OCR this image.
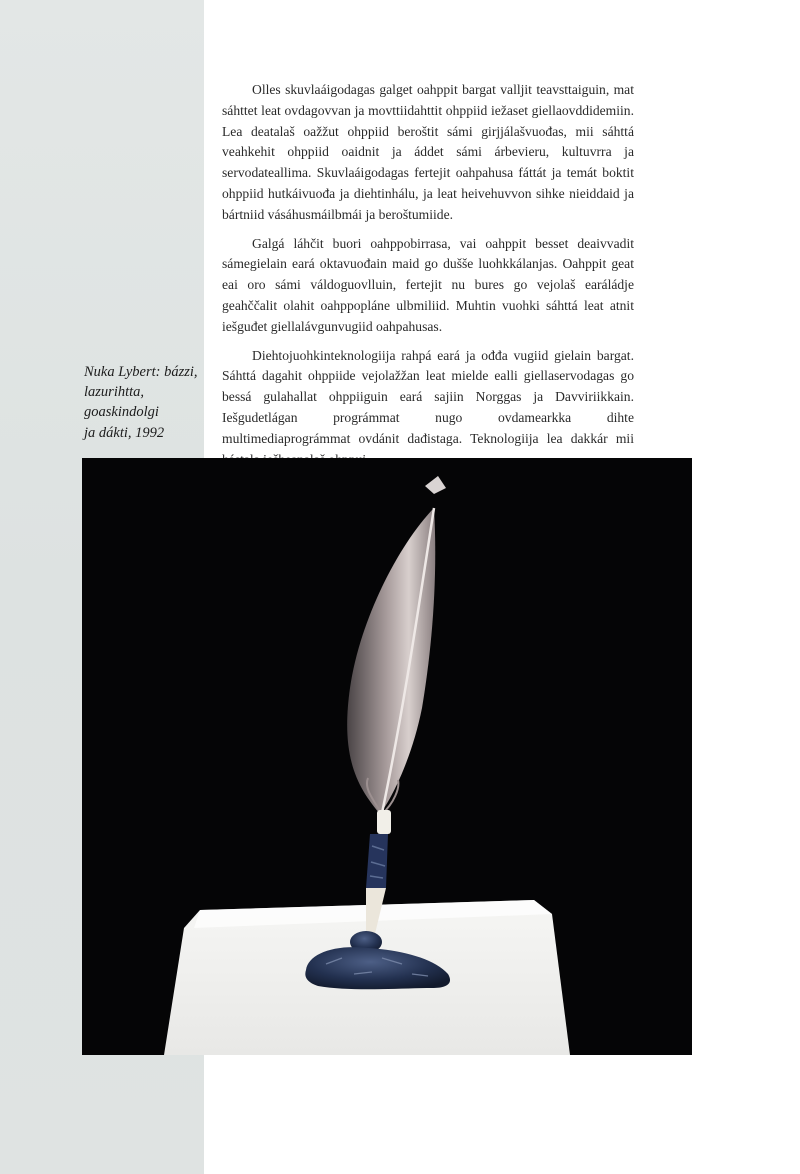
Olles skuvlaáigodagas galget oahppit bargat valljit teavsttaiguin, mat sáhttet leat ovdagovvan ja movttiidahttit ohppiid iežaset giellaovddidemiin. Lea deatalaš oažžut ohppiid beroštit sámi girjjálašvuođas, mii sáhttá veahkehit ohppiid oaidnit ja áddet sámi árbevieru, kultuvrra ja servodateallima. Skuvlaáigodagas fertejit oahpahusa fáttát ja temát boktit ohppiid hutkáivuođa ja diehtinhálu, ja leat heivehuvvon sihke nieiddaid ja bártniid vásáhusmáilbmái ja beroštumiide.

Galgá láhčit buori oahppobirrasa, vai oahppit besset deaivvadit sámegielain eará oktavuođain maid go dušše luohkkálanjas. Oahppit geat eai oro sámi váldoguovlluin, fertejit nu bures go vejolaš earáládje geahččalit olahit oahppopláne ulbmiliid. Muhtin vuohki sáhttá leat atnit iešguđet giellalávgunvugiid oahpahusas.

Diehtojuohkinteknologiija rahpá eará ja ođđa vugiid gielain bargat. Sáhttá dagahit ohppiide vejolažžan leat mielde ealli giellaservodagas go bessá gulahallat ohppiiguin eará sajiin Norggas ja Davviriikkain. Iešgudetlágan prográmmat nugo ovdamearkka dihte multimediaprográmmat ovdánit dađistaga. Teknologiija lea dakkár mii

Nuka Lybert: bázzi,
lazurihtta,
goaskindolgi
ja dákti, 1992
